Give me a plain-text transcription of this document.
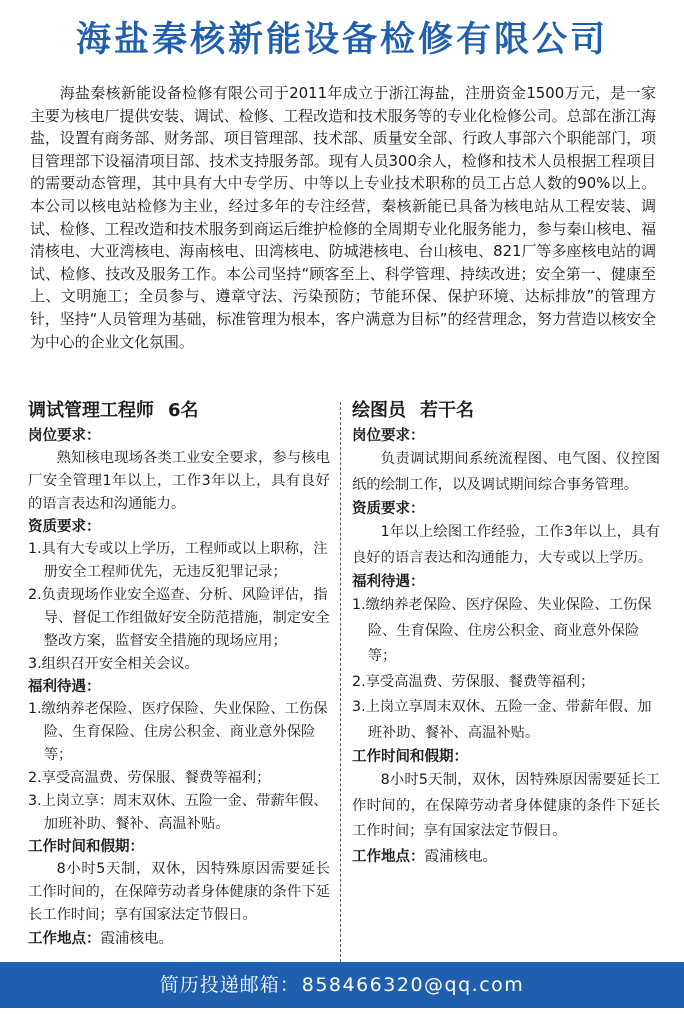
海盐秦核新能设备检修有限公司

海盐秦核新能设备检修有限公司于2011年成立于浙江海盐，注册资金1500万元，是一家主要为核电厂提供安装、调试、检修、工程改造和技术服务等的专业化检修公司。总部在浙江海盐，设置有商务部、财务部、项目管理部、技术部、质量安全部、行政人事部六个职能部门，项目管理部下设福清项目部、技术支持服务部。现有人员300余人，检修和技术人员根据工程项目的需要动态管理，其中具有大中专学历、中等以上专业技术职称的员工占总人数的90%以上。本公司以核电站检修为主业，经过多年的专注经营，秦核新能已具备为核电站从工程安装、调试、检修、工程改造和技术服务到商运后维护检修的全周期专业化服务能力，参与秦山核电、福清核电、大亚湾核电、海南核电、田湾核电、防城港核电、台山核电、821厂等多座核电站的调试、检修、技改及服务工作。本公司坚持“顾客至上、科学管理、持续改进；安全第一、健康至上、文明施工；全员参与、遵章守法、污染预防；节能环保、保护环境、达标排放”的管理方针，坚持“人员管理为基础，标准管理为根本，客户满意为目标”的经营理念，努力营造以核安全为中心的企业文化氛围。

调试管理工程师 6名
岗位要求：

熟知核电现场各类工业安全要求，参与核电厂安全管理1年以上，工作3年以上，具有良好的语言表达和沟通能力。

资质要求：
1.具有大专或以上学历，工程师或以上职称，注册安全工程师优先，无违反犯罪记录；
2.负责现场作业安全巡查、分析、风险评估，指导、督促工作组做好安全防范措施，制定安全整改方案，监督安全措施的现场应用；
3.组织召开安全相关会议。
福利待遇：
1.缴纳养老保险、医疗保险、失业保险、工伤保险、生育保险、住房公积金、商业意外保险等；
2.享受高温费、劳保服、餐费等福利；
3.上岗立享：周末双休、五险一金、带薪年假、加班补助、餐补、高温补贴。
工作时间和假期：

8小时5天制，双休，因特殊原因需要延长工作时间的，在保障劳动者身体健康的条件下延长工作时间；享有国家法定节假日。

工作地点：霞浦核电。

绘图员 若干名
岗位要求：

负责调试期间系统流程图、电气图、仪控图纸的绘制工作，以及调试期间综合事务管理。

资质要求：

1年以上绘图工作经验，工作3年以上，具有良好的语言表达和沟通能力，大专或以上学历。

福利待遇：
1.缴纳养老保险、医疗保险、失业保险、工伤保险、生育保险、住房公积金、商业意外保险等；
2.享受高温费、劳保服、餐费等福利；
3.上岗立享周末双休、五险一金、带薪年假、加班补助、餐补、高温补贴。
工作时间和假期：

8小时5天制，双休，因特殊原因需要延长工作时间的，在保障劳动者身体健康的条件下延长工作时间；享有国家法定节假日。

工作地点：霞浦核电。

简历投递邮箱： 858466320@qq.com
